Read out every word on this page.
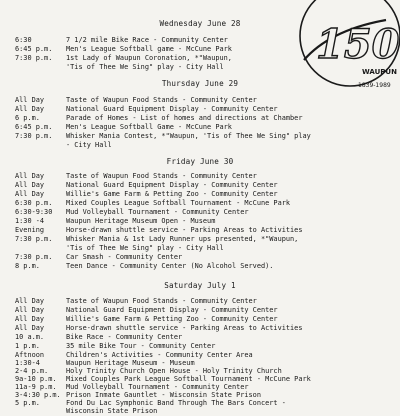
150
WAUPUN
1839-1989
Wednesday June 28
6:30	7 1/2 mile Bike Race - Community Center
6:45 p.m. Men's League Softball game - McCune Park
7:30 p.m. 1st Lady of Waupun Coronation, *"Waupun,
'Tis of Thee We Sing" play - City Hall
Thursday June 29
All Day	Taste of Waupun Food Stands - Community Center
All Day	National Guard Equipment Display - Community Center
6 p.m.	Parade of Homes - List of homes and directions at Chamber
6:45 p.m. Men's League Softball Game - McCune Park
7:30 p.m. Whisker Mania Contest, *"Waupun, 'Tis of Thee We Sing" play
- City Hall
Friday June 30
All Day	Taste of Waupun Food Stands - Community Center
All Day	National Guard Equipment Display - Community Center
All Day	Willie's Game Farm & Petting Zoo - Community Center
6:30 p.m. Mixed Couples League Softball Tournament - McCune Park
6:30-9:30 Mud Volleyball Tournament - Community Center
1:30 -4	Waupun Heritage Museum Open - Museum
Evening	Horse-drawn shuttle service - Parking Areas to Activities
7:30 p.m. Whisker Mania & 1st Lady Runner ups presented, *"Waupun,
'Tis of Thee We Sing" play - City Hall
7:30 p.m. Car Smash - Community Center
8 p.m.	Teen Dance - Community Center (No Alcohol Served).
Saturday July 1
All Day	Taste of Waupun Food Stands - Community Center
All Day	National Guard Equipment Display - Community Center
All Day	Willie's Game Farm & Petting Zoo - Community Center
All Day	Horse-drawn shuttle service - Parking Areas to Activities
10 a.m.	Bike Race - Community Center
1 p.m.	35 mile Bike Tour - Community Center
Aftnoon	Children's Activities - Community Center Area
1:30-4	Waupun Heritage Museum - Museum
2-4 p.m.	Holy Trinity Church Open House - Holy Trinity Church
9a-10 p.m. Mixed Couples Park League Softball Tournament - McCune Park
11a-9 p.m. Mud Volleyball Tournament - Community Center
3-4:30 p.m. Prison Inmate Gauntlet - Wisconsin State Prison
5 p.m.	Fond Du Lac Symphonic Band Through The Bars Concert -
Wisconsin State Prison
